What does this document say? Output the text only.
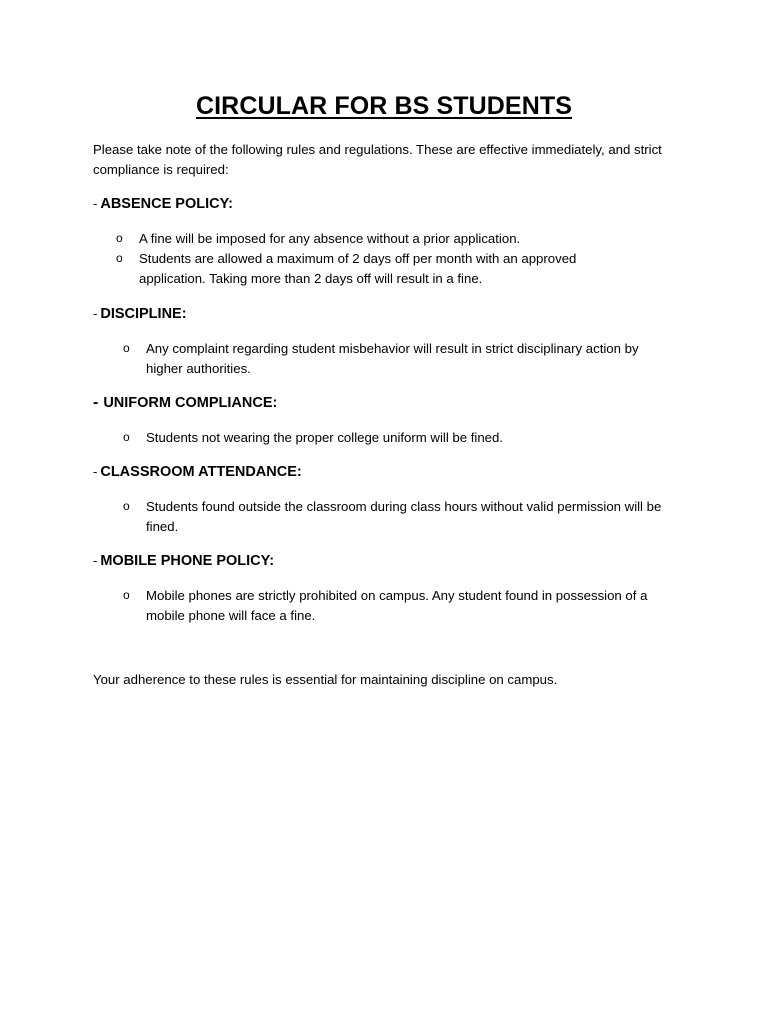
CIRCULAR FOR BS STUDENTS

Please take note of the following rules and regulations. These are effective immediately, and strict compliance is required:

- ABSENCE POLICY:
o A fine will be imposed for any absence without a prior application.
o Students are allowed a maximum of 2 days off per month with an approved application. Taking more than 2 days off will result in a fine.
- DISCIPLINE:
o Any complaint regarding student misbehavior will result in strict disciplinary action by higher authorities.
- UNIFORM COMPLIANCE:
o Students not wearing the proper college uniform will be fined.
- CLASSROOM ATTENDANCE:
o Students found outside the classroom during class hours without valid permission will be fined.
- MOBILE PHONE POLICY:
o Mobile phones are strictly prohibited on campus. Any student found in possession of a mobile phone will face a fine.

Your adherence to these rules is essential for maintaining discipline on campus.
